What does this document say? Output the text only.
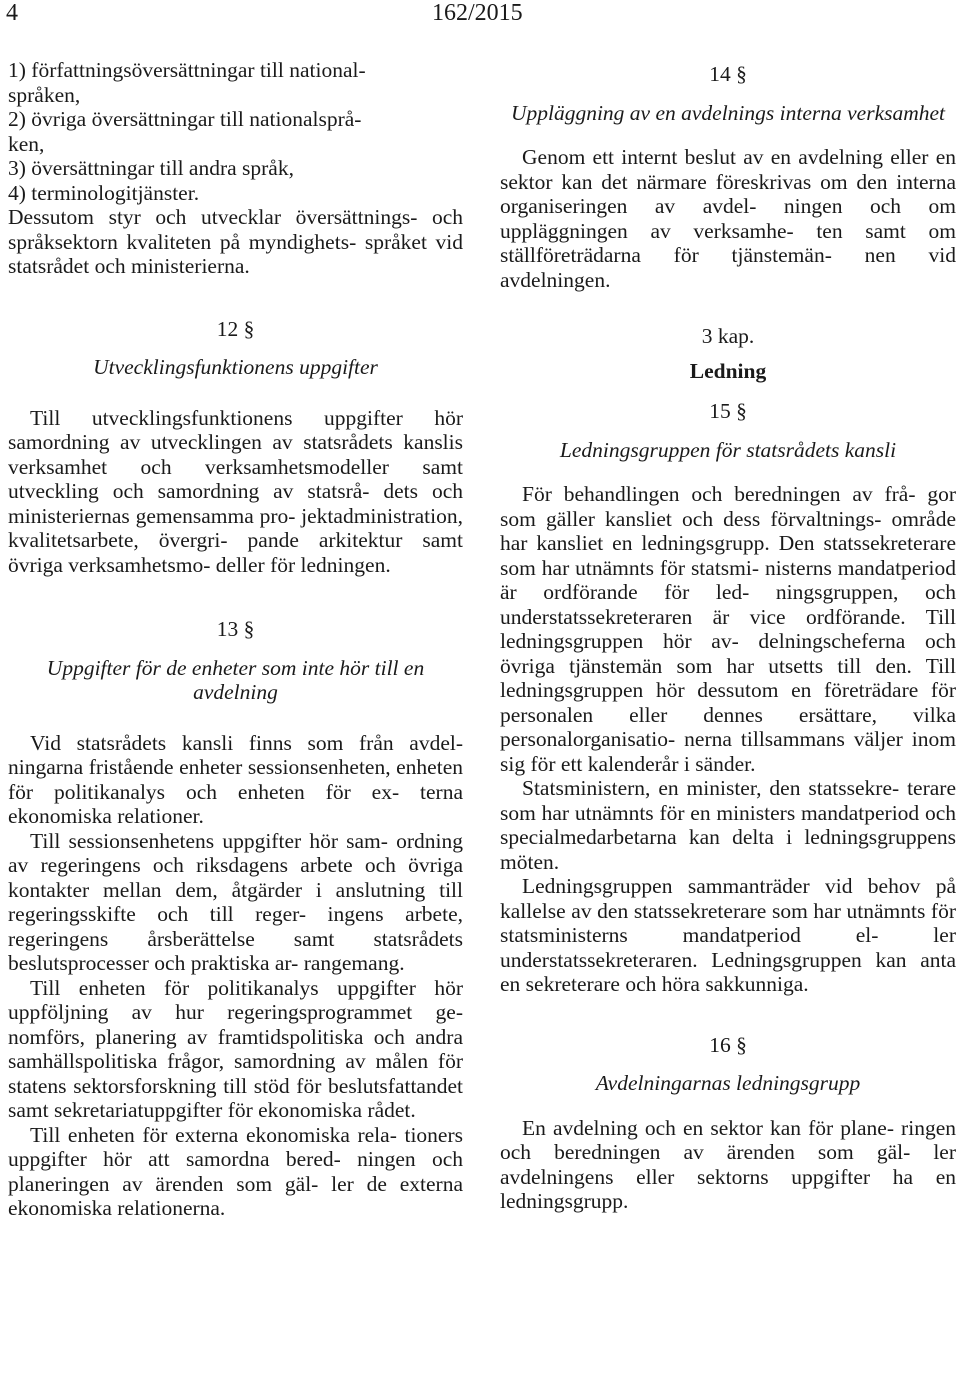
4	162/2015

1) författningsöversättningar till national-

språken,

2) övriga översättningar till nationalsprå-

ken,

3) översättningar till andra språk,

4) terminologitjänster.

Dessutom styr och utvecklar översättnings- och språksektorn kvaliteten på myndighets- språket vid statsrådet och ministerierna.

12 §
Utvecklingsfunktionens uppgifter

Till utvecklingsfunktionens uppgifter hör samordning av utvecklingen av statsrådets kanslis verksamhet och verksamhetsmodeller samt utveckling och samordning av statsrå- dets och ministeriernas gemensamma pro- jektadministration, kvalitetsarbete, övergri- pande arkitektur samt övriga verksamhetsmo- deller för ledningen.

13 §
Uppgifter för de enheter som inte hör till en avdelning

Vid statsrådets kansli finns som från avdel- ningarna fristående enheter sessionsenheten, enheten för politikanalys och enheten för ex- terna ekonomiska relationer.

Till sessionsenhetens uppgifter hör sam- ordning av regeringens och riksdagens arbete och övriga kontakter mellan dem, åtgärder i anslutning till regeringsskifte och till reger- ingens arbete, regeringens årsberättelse samt statsrådets beslutsprocesser och praktiska ar- rangemang.

Till enheten för politikanalys uppgifter hör uppföljning av hur regeringsprogrammet ge- nomförs, planering av framtidspolitiska och andra samhällspolitiska frågor, samordning av målen för statens sektorsforskning till stöd för beslutsfattandet samt sekretariatuppgifter för ekonomiska rådet.

Till enheten för externa ekonomiska rela- tioners uppgifter hör att samordna bered- ningen och planeringen av ärenden som gäl- ler de externa ekonomiska relationerna.

14 §
Uppläggning av en avdelnings interna verksamhet

Genom ett internt beslut av en avdelning eller en sektor kan det närmare föreskrivas om den interna organiseringen av avdel- ningen och om uppläggningen av verksamhe- ten samt om ställföreträdarna för tjänstemän- nen vid avdelningen.

3 kap.
Ledning
15 §
Ledningsgruppen för statsrådets kansli

För behandlingen och beredningen av frå- gor som gäller kansliet och dess förvaltnings- område har kansliet en ledningsgrupp. Den statssekreterare som har utnämnts för statsmi- nisterns mandatperiod är ordförande för led- ningsgruppen, och understatssekreteraren är vice ordförande. Till ledningsgruppen hör av- delningscheferna och övriga tjänstemän som har utsetts till den. Till ledningsgruppen hör dessutom en företrädare för personalen eller dennes ersättare, vilka personalorganisatio- nerna tillsammans väljer inom sig för ett kalenderår i sänder.

Statsministern, en minister, den statssekre- terare som har utnämnts för en ministers mandatperiod och specialmedarbetarna kan delta i ledningsgruppens möten.

Ledningsgruppen sammanträder vid behov på kallelse av den statssekreterare som har utnämnts för statsministerns mandatperiod el- ler understatssekreteraren. Ledningsgruppen kan anta en sekreterare och höra sakkunniga.

16 §
Avdelningarnas ledningsgrupp

En avdelning och en sektor kan för plane- ringen och beredningen av ärenden som gäl- ler avdelningens eller sektorns uppgifter ha en ledningsgrupp.
